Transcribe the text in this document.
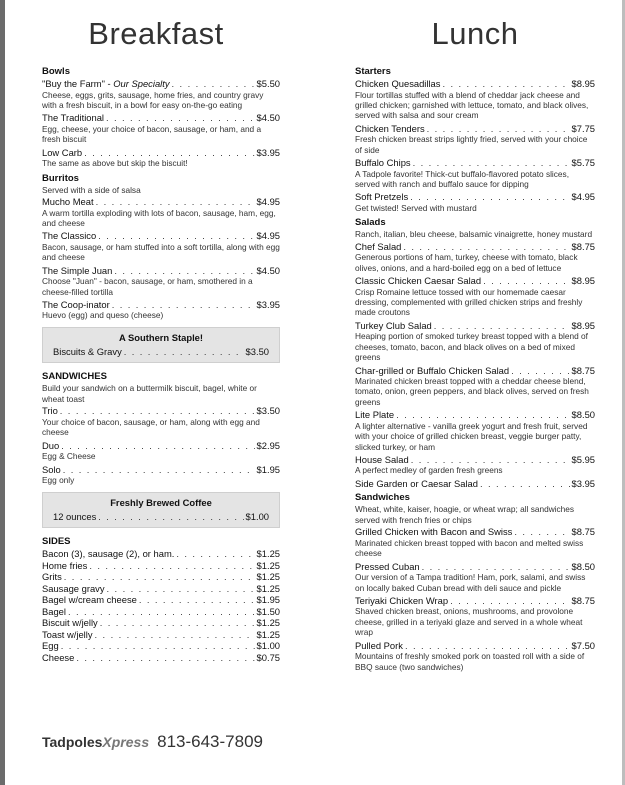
Breakfast
Bowls
"Buy the Farm" - Our Specialty . . .	$5.50
Cheese, eggs, grits, sausage, home fries, and country gravy with a fresh biscuit, in a bowl for easy on-the-go eating
The Traditional . . .	$4.50
Egg, cheese, your choice of bacon, sausage, or ham, and a fresh biscuit
Low Carb . . .	$3.95
The same as above but skip the biscuit!
Burritos
Served with a side of salsa
Mucho Meat . . .	$4.95
A warm tortilla exploding with lots of bacon, sausage, ham, egg, and cheese
The Classico . . .	$4.95
Bacon, sausage, or ham stuffed into a soft tortilla, along with egg and cheese
The Simple Juan . . .	$4.50
Choose "Juan" - bacon, sausage, or ham, smothered in a cheese-filled tortilla
The Coop-inator . . .	$3.95
Huevo (egg) and queso (cheese)
A Southern Staple!
Biscuits & Gravy . . .	$3.50
SANDWICHES
Build your sandwich on a buttermilk biscuit, bagel, white or wheat toast
Trio . . .	$3.50
Your choice of bacon, sausage, or ham, along with egg and cheese
Duo . . .	$2.95
Egg & Cheese
Solo . . .	$1.95
Egg only
Freshly Brewed Coffee
12 ounces . . .	$1.00
SIDES
Bacon (3), sausage (2), or ham. . . .	$1.25
Home fries . . .	$1.25
Grits . . .	$1.25
Sausage gravy . . .	$1.25
Bagel w/cream cheese . . .	$1.95
Bagel . . .	$1.50
Biscuit w/jelly . . .	$1.25
Toast w/jelly . . .	$1.25
Egg . . .	$1.00
Cheese . . .	$0.75
Lunch
Starters
Chicken Quesadillas . . .	$8.95
Flour tortillas stuffed with a blend of cheddar jack cheese and grilled chicken; garnished with lettuce, tomato, and black olives, served with salsa and sour cream
Chicken Tenders . . .	$7.75
Fresh chicken breast strips lightly fried, served with your choice of side
Buffalo Chips . . .	$5.75
A Tadpole favorite! Thick-cut buffalo-flavored potato slices, served with ranch and buffalo sauce for dipping
Soft Pretzels . . .	$4.95
Get twisted! Served with mustard
Salads
Ranch, italian, bleu cheese, balsamic vinaigrette, honey mustard
Chef Salad . . .	$8.75
Generous portions of ham, turkey, cheese with tomato, black olives, onions, and a hard-boiled egg on a bed of lettuce
Classic Chicken Caesar Salad . . .	$8.95
Crisp Romaine lettuce tossed with our homemade caesar dressing, complemented with grilled chicken strips and freshly made croutons
Turkey Club Salad . . .	$8.95
Heaping portion of smoked turkey breast topped with a blend of cheeses, tomato, bacon, and black olives on a bed of mixed greens
Char-grilled or Buffalo Chicken Salad . . .	$8.75
Marinated chicken breast topped with a cheddar cheese blend, tomato, onion, green peppers, and black olives, served on fresh greens
Lite Plate . . .	$8.50
A lighter alternative - vanilla greek yogurt and fresh fruit, served with your choice of grilled chicken breast, veggie burger patty, slicked turkey, or ham
House Salad . . .	$5.95
A perfect medley of garden fresh greens
Side Garden or Caesar Salad . . .	$3.95
Sandwiches
Wheat, white, kaiser, hoagie, or wheat wrap; all sandwiches served with french fries or chips
Grilled Chicken with Bacon and Swiss . . .	$8.75
Marinated chicken breast topped with bacon and melted swiss cheese
Pressed Cuban . . .	$8.50
Our version of a Tampa tradition! Ham, pork, salami, and swiss on locally baked Cuban bread with deli sauce and pickle
Teriyaki Chicken Wrap . . .	$8.75
Shaved chicken breast, onions, mushrooms, and provolone cheese, grilled in a teriyaki glaze and served in a whole wheat wrap
Pulled Pork . . .	$7.50
Mountains of freshly smoked pork on toasted roll with a side of BBQ sauce (two sandwiches)
Tadpoles Xpress 813-643-7809
